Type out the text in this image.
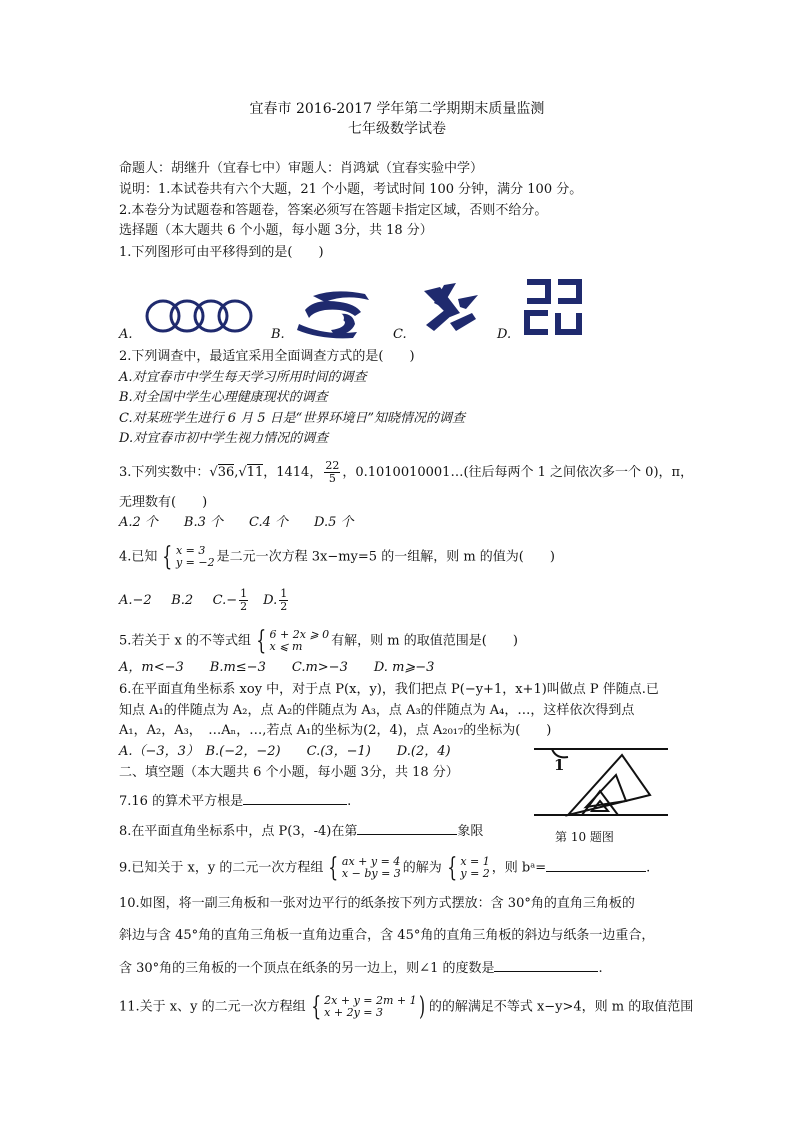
宜春市 2016-2017 学年第二学期期末质量监测
七年级数学试卷
命题人：胡继升（宜春七中）审题人：肖鸿斌（宜春实验中学）
说明：1.本试卷共有六个大题，21 个小题，考试时间 100 分钟，满分 100 分。
2.本卷分为试题卷和答题卷，答案必须写在答题卡指定区域，否则不给分。
选择题（本大题共 6 个小题，每小题 3分，共 18 分）
1.下列图形可由平移得到的是(　　)
A.	B.	C.	D.
2.下列调查中，最适宜采用全面调查方式的是(　　)
A.对宜春市中学生每天学习所用时间的调查
B.对全国中学生心理健康现状的调查
C.对某班学生进行 6 月 5 日是“世界环境日”知晓情况的调查
D.对宜春市初中学生视力情况的调查
3.下列实数中：√36,√11，1414， $\frac{22}{5}$ ，0.1010010001…(往后每两个 1 之间依次多一个 0)，π，
无理数有(　　)
A.2 个　　B.3 个　　C.4 个　　D.5 个
4.已知 { x = 3
y = −2 是二元一次方程 3x−my=5 的一组解，则 m 的值为(　　)
A.−2   B.2   $C.- \frac{1}{2}$
  D. $\frac{1}{2}$
5.若关于 x 的不等式组 { 6 + 2x ⩾ 0
x ⩽ m	有解，则 m 的取值范围是(　　)
A，m<−3　　B.m≤−3　　C.m>−3　　D. m⩾−3
6.在平面直角坐标系 xoy 中，对于点 P(x，y)，我们把点 P(−y+1，x+1)叫做点 P 伴随点.已
知点 A₁的伴随点为 A₂，点 A₂的伴随点为 A₃，点 A₃的伴随点为 A₄，…，这样依次得到点
A₁，A₂，A₃，　…Aₙ，…,若点 A₁的坐标为(2，4)，点 A₂₀₁₇的坐标为(　　)
A.（−3，3）　B.(−2，−2)　　C.(3，−1)　　D.(2，4)
二、填空题（本大题共 6 个小题，每小题 3分，共 18 分）
7.16 的算术平方根是	.
8.在平面直角坐标系中，点 P(3，-4)在第	象限
1
第 10 题图
9.已知关于 x，y 的二元一次方程组 { ax + y = 4
x − by = 3 的解为 { x = 1
y = 2 ，则 bᵃ=	.
10.如图，将一副三角板和一张对边平行的纸条按下列方式摆放：含 30°角的直角三角板的
斜边与含 45°角的直角三角板一直角边重合，含 45°角的直角三角板的斜边与纸条一边重合，
含 30°角的三角板的一个顶点在纸条的另一边上，则∠1 的度数是	.
11.关于 x、y 的二元一次方程组 { 2x + y = 2m + 1
x + 2y = 3	) 的的解满足不等式 x−y>4，则 m 的取值范围
